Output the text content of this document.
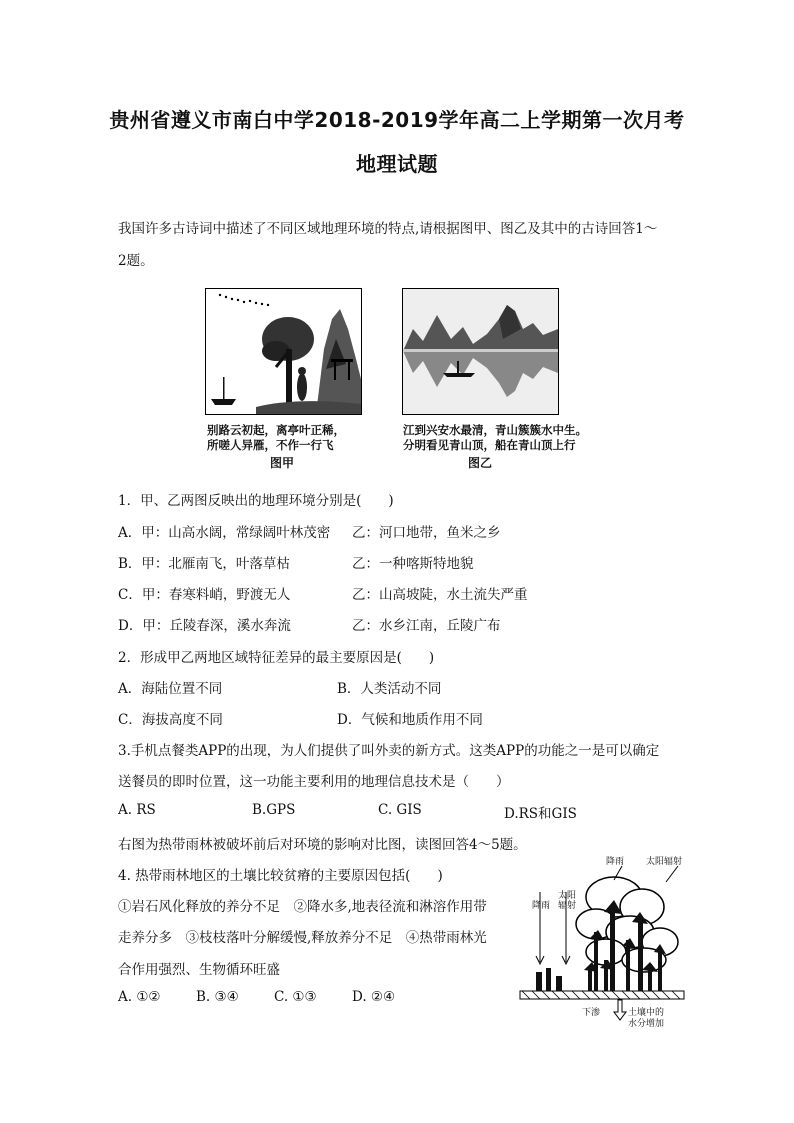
贵州省遵义市南白中学2018-2019学年高二上学期第一次月考
地理试题
我国许多古诗词中描述了不同区域地理环境的特点,请根据图甲、图乙及其中的古诗回答1～
2题。
别路云初起，离亭叶正稀，
所嗟人异雁，不作一行飞
图甲
江到兴安水最清，青山簇簇水中生。
分明看见青山顶，船在青山顶上行
图乙
1．甲、乙两图反映出的地理环境分别是(　　)
A．甲：山高水阔，常绿阔叶林茂密 乙：河口地带，鱼米之乡
B．甲：北雁南飞，叶落草枯	乙：一种喀斯特地貌
C．甲：春寒料峭，野渡无人	乙：山高坡陡，水土流失严重
D．甲：丘陵春深，溪水奔流	乙：水乡江南，丘陵广布
2．形成甲乙两地区域特征差异的最主要原因是(　　)
A．海陆位置不同	B．人类活动不同
C．海拔高度不同	D．气候和地质作用不同
3.手机点餐类APP的出现，为人们提供了叫外卖的新方式。这类APP的功能之一是可以确定
送餐员的即时位置，这一功能主要利用的地理信息技术是（　　）
A. RS	B.GPS	C. GIS	D.RS和GIS
右图为热带雨林被破坏前后对环境的影响对比图，读图回答4～5题。
4. 热带雨林地区的土壤比较贫瘠的主要原因包括(　　)
①岩石风化释放的养分不足　②降水多,地表径流和淋溶作用带
走养分多　③枝枝落叶分解缓慢,释放养分不足　④热带雨林光
合作用强烈、生物循环旺盛
A. ①②	B. ③④	C. ①③	D. ②④
降雨 太阳辐射
降雨
太阳
辐射
下渗	土壤中的
水分增加
